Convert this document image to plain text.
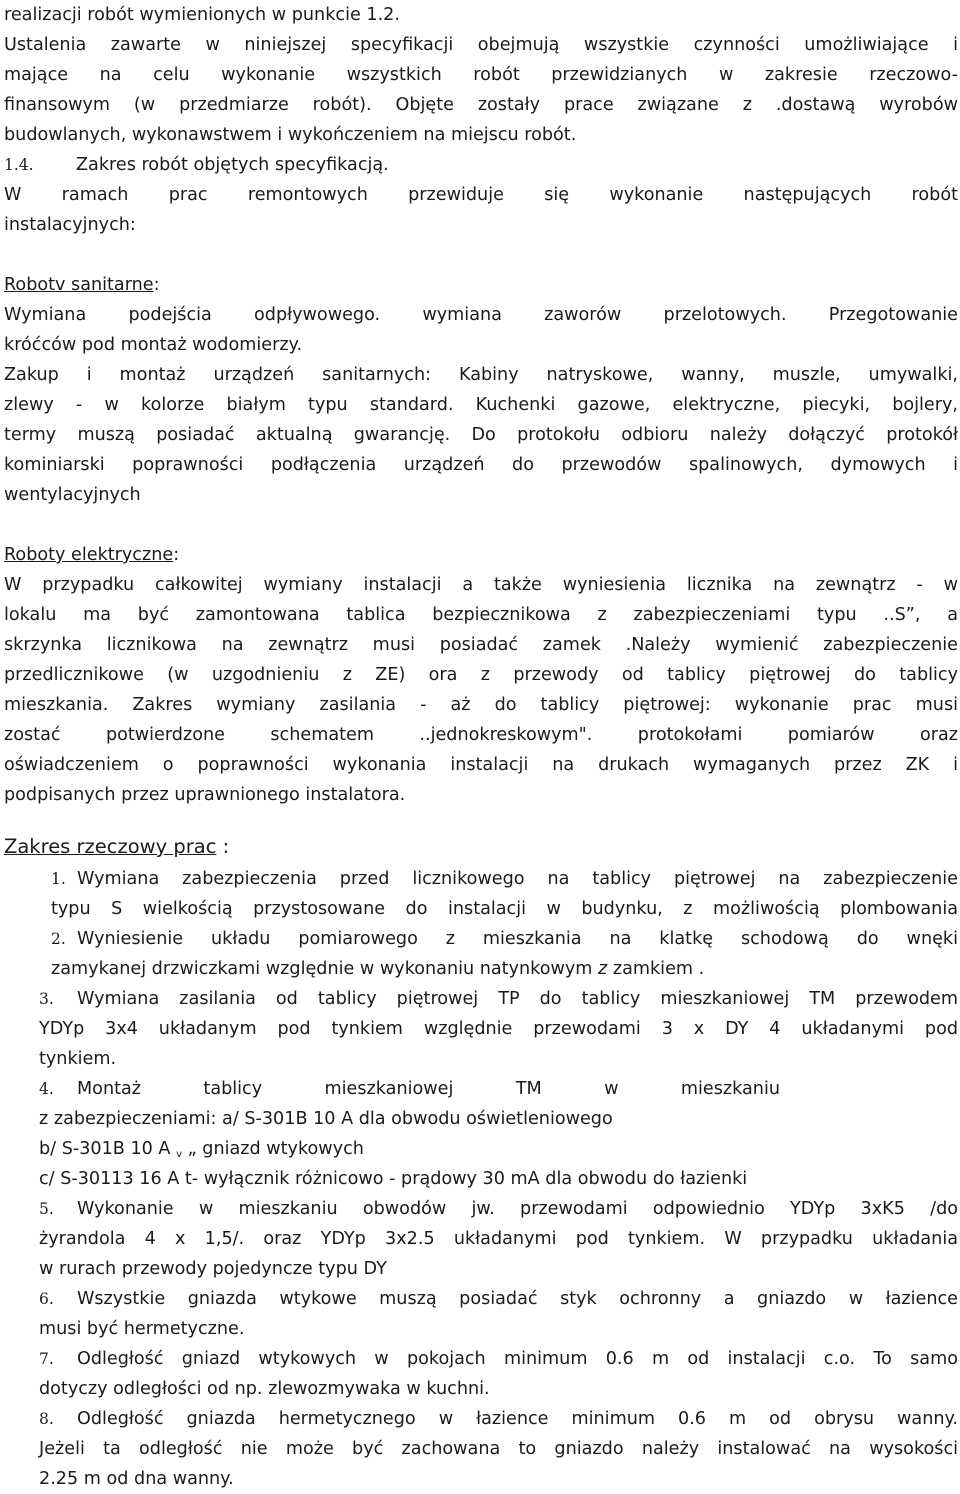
realizacji robót wymienionych w punkcie 1.2.
Ustalenia zawarte w niniejszej specyfikacji obejmują wszystkie czynności umożliwiające i
mające na celu wykonanie wszystkich robót przewidzianych w zakresie rzeczowo-
finansowym (w przedmiarze robót). Objęte zostały prace związane z .dostawą wyrobów
budowlanych, wykonawstwem i wykończeniem na miejscu robót.
1.4. Zakres robót objętych specyfikacją.
W ramach prac remontowych przewiduje się wykonanie następujących robót
instalacyjnych:
Robotv sanitarne:
Wymiana podejścia odpływowego. wymiana zaworów przelotowych. Przegotowanie
króćców pod montaż wodomierzy.
Zakup i montaż urządzeń sanitarnych: Kabiny natryskowe, wanny, muszle, umywalki,
zlewy - w kolorze białym typu standard. Kuchenki gazowe, elektryczne, piecyki, bojlery,
termy muszą posiadać aktualną gwarancję. Do protokołu odbioru należy dołączyć protokół
kominiarski poprawności podłączenia urządzeń do przewodów spalinowych, dymowych i
wentylacyjnych
Roboty elektryczne:
W przypadku całkowitej wymiany instalacji a także wyniesienia licznika na zewnątrz - w
lokalu ma być zamontowana tablica bezpiecznikowa z zabezpieczeniami typu ..S”, a
skrzynka licznikowa na zewnątrz musi posiadać zamek .Należy wymienić zabezpieczenie
przedlicznikowe (w uzgodnieniu z ZE) ora z przewody od tablicy piętrowej do tablicy
mieszkania. Zakres wymiany zasilania - aż do tablicy piętrowej: wykonanie prac musi
zostać potwierdzone schematem ..jednokreskowym". protokołami pomiarów oraz
oświadczeniem o poprawności wykonania instalacji na drukach wymaganych przez ZK i
podpisanych przez uprawnionego instalatora.
Zakres rzeczowy prac :
1. Wymiana zabezpieczenia przed licznikowego na tablicy piętrowej na zabezpieczenie
typu S wielkością przystosowane do instalacji w budynku, z możliwością plombowania
2. Wyniesienie układu pomiarowego z mieszkania na klatkę schodową do wnęki
zamykanej drzwiczkami względnie w wykonaniu natynkowym z zamkiem .
3. Wymiana zasilania od tablicy piętrowej TP do tablicy mieszkaniowej TM przewodem
YDYp 3x4 układanym pod tynkiem względnie przewodami 3 x DY 4 układanymi pod
tynkiem.
4. Montaż tablicy mieszkaniowej TM w mieszkaniu
z zabezpieczeniami: a/ S-301B 10 A dla obwodu oświetleniowego
b/ S-301B 10 A $_v$ „ gniazd wtykowych
c/ S-30113 16 A t- wyłącznik różnicowo - prądowy 30 mA dla obwodu do łazienki
5. Wykonanie w mieszkaniu obwodów jw. przewodami odpowiednio YDYp 3xK5 /do
żyrandola 4 x 1,5/. oraz YDYp 3x2.5 układanymi pod tynkiem. W przypadku układania
w rurach przewody pojedyncze typu DY
6. Wszystkie gniazda wtykowe muszą posiadać styk ochronny a gniazdo w łazience
musi być hermetyczne.
7. Odległość gniazd wtykowych w pokojach minimum 0.6 m od instalacji c.o. To samo
dotyczy odległości od np. zlewozmywaka w kuchni.
8. Odległość gniazda hermetycznego w łazience minimum 0.6 m od obrysu wanny.
Jeżeli ta odległość nie może być zachowana to gniazdo należy instalować na wysokości
2.25 m od dna wanny.
